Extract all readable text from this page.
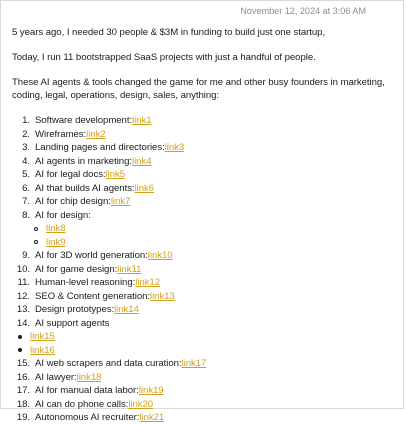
November 12, 2024 at 3:06 AM

5 years ago, I needed 30 people & $3M in funding to build just one startup,

Today, I run 11 bootstrapped SaaS projects with just a handful of people.

These AI agents & tools changed the game for me and other busy founders in marketing,
coding, legal, operations, design, sales, anything:

1. Software development: link1
2. Wireframes: link2
3. Landing pages and directories: link3
4. AI agents in marketing: link4
5. AI for legal docs: link5
6. AI that builds AI agents: link6
7. AI for chip design: link7
8. AI for design:
link8
link9
9. AI for 3D world generation: link10
10. AI for game design: link11
11. Human-level reasoning: link12
12. SEO & Content generation: link13
13. Design prototypes: link14
14. AI support agents
link15
link16
15. AI web scrapers and data curation: link17
16. AI lawyer: link18
17. AI for manual data labor: link19
18. AI can do phone calls: link20
19. Autonomous AI recruiter: link21
